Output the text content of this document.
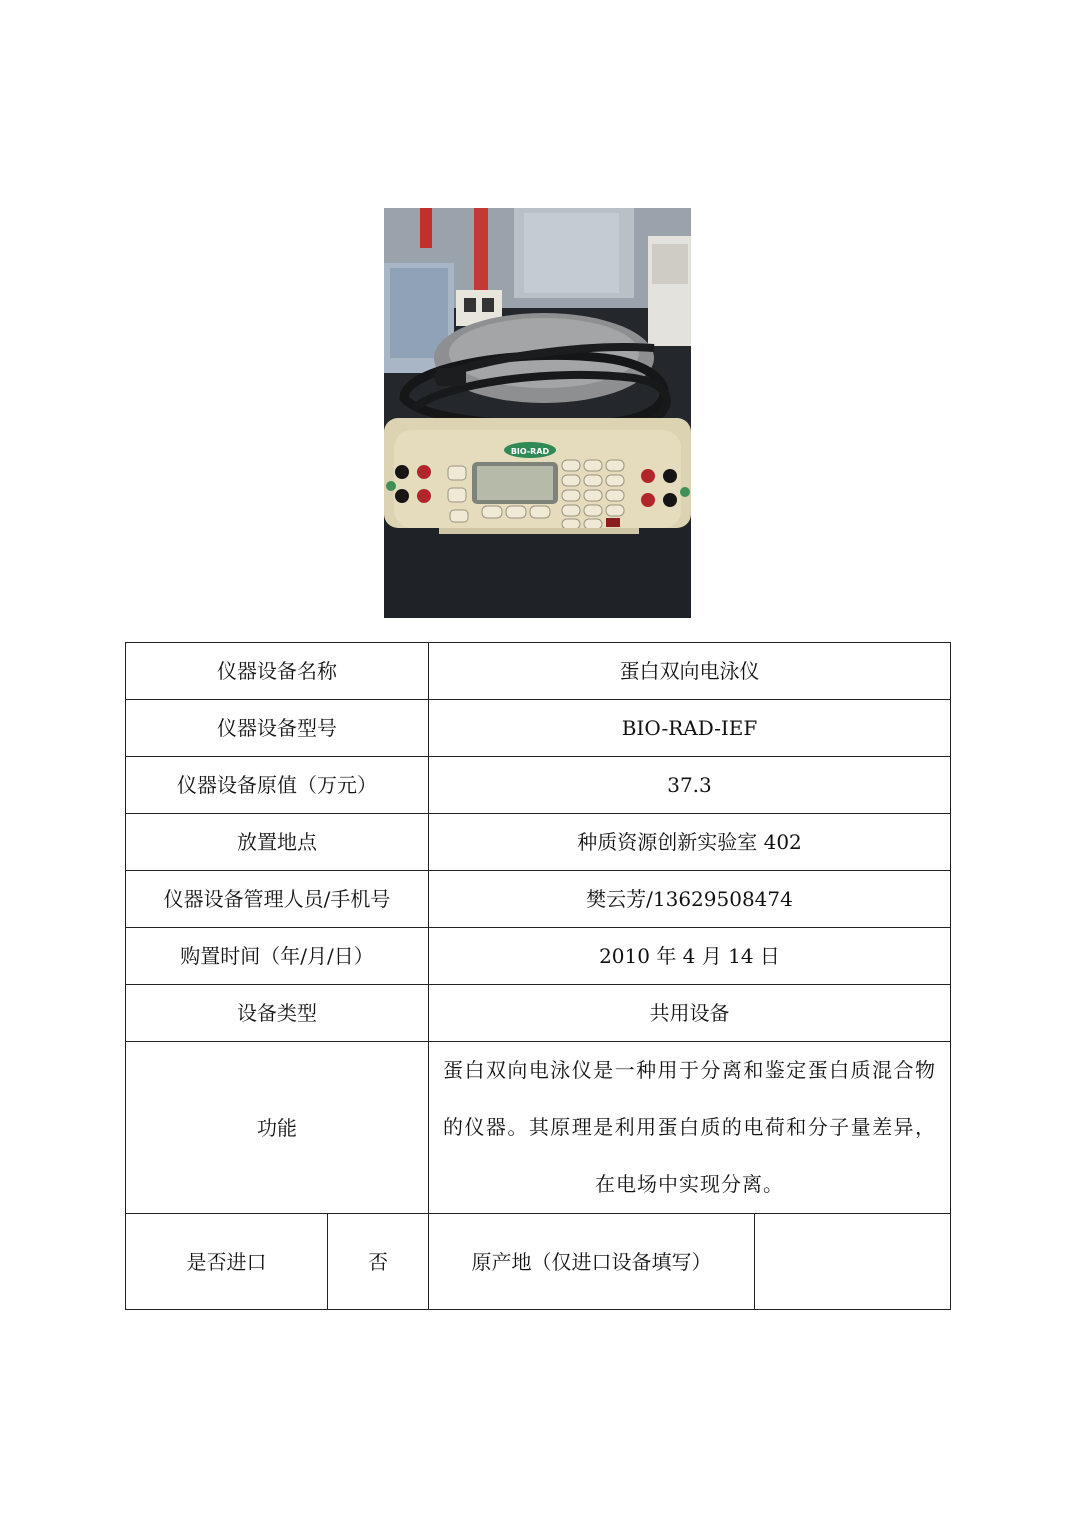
BIO-RAD
仪器设备名称		蛋白双向电泳仪	
仪器设备型号		BIO-RAD-IEF	
仪器设备原值（万元）		37.3	
放置地点		种质资源创新实验室 402	
仪器设备管理人员/手机号		樊云芳/13629508474	
购置时间（年/月/日）		2010 年 4 月 14 日	
设备类型		共用设备	
功能		蛋白双向电泳仪是一种用于分离和鉴定蛋白质混合物的仪器。其原理是利用蛋白质的电荷和分子量差异，在电场中实现分离。	

是否进口	否	原产地（仅进口设备填写）	
